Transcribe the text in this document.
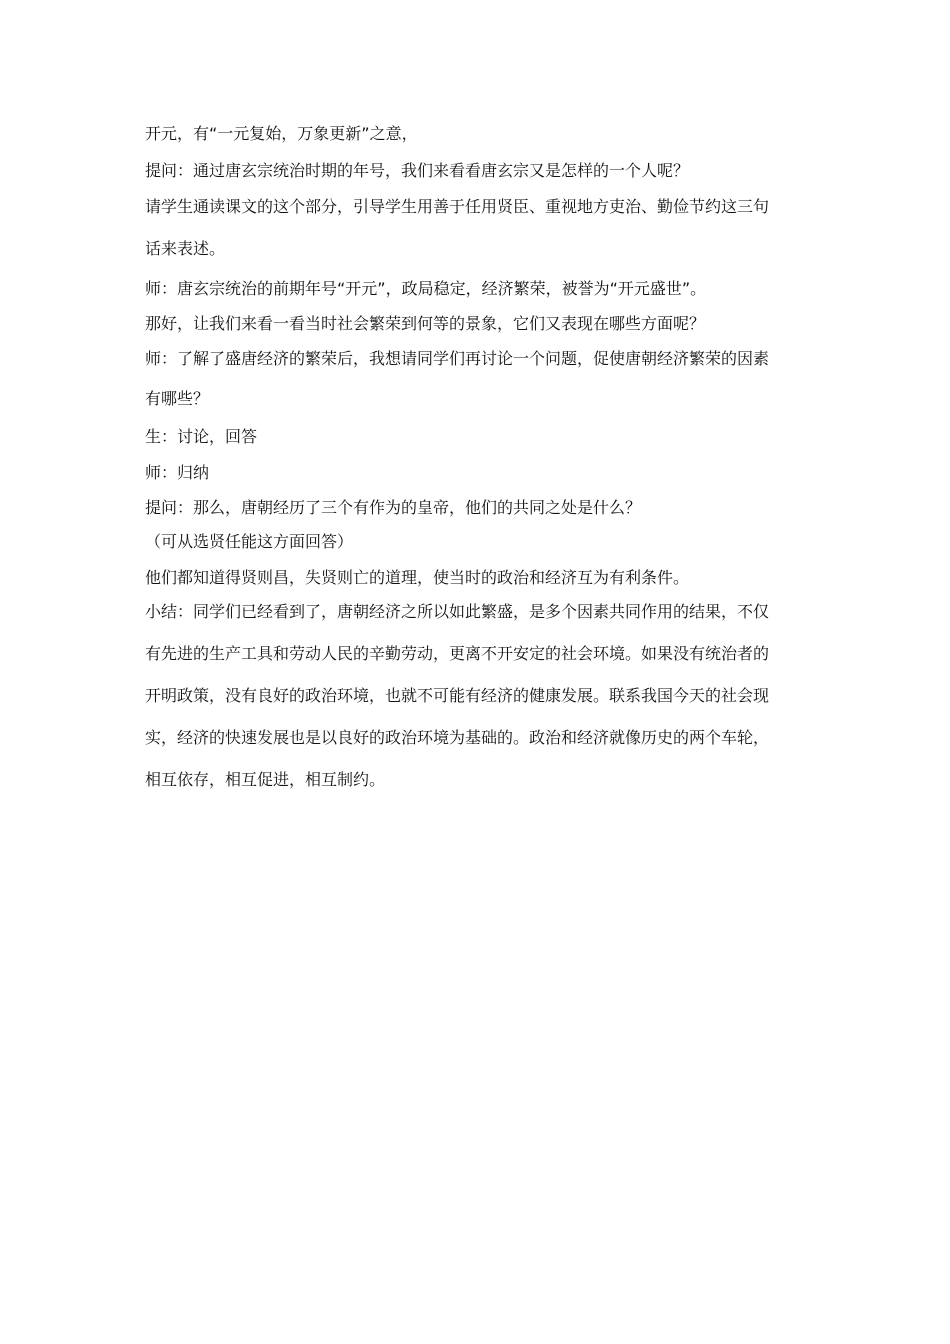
开元，有“一元复始，万象更新”之意，
提问：通过唐玄宗统治时期的年号，我们来看看唐玄宗又是怎样的一个人呢？
请学生通读课文的这个部分，引导学生用善于任用贤臣、重视地方吏治、勤俭节约这三句
话来表述。
师：唐玄宗统治的前期年号“开元”，政局稳定，经济繁荣，被誉为“开元盛世”。
那好，让我们来看一看当时社会繁荣到何等的景象，它们又表现在哪些方面呢？
师：了解了盛唐经济的繁荣后，我想请同学们再讨论一个问题，促使唐朝经济繁荣的因素
有哪些？
生：讨论，回答
师：归纳
提问：那么，唐朝经历了三个有作为的皇帝，他们的共同之处是什么？
（可从选贤任能这方面回答）
他们都知道得贤则昌，失贤则亡的道理，使当时的政治和经济互为有利条件。
小结：同学们已经看到了，唐朝经济之所以如此繁盛，是多个因素共同作用的结果，不仅
有先进的生产工具和劳动人民的辛勤劳动，更离不开安定的社会环境。如果没有统治者的
开明政策，没有良好的政治环境，也就不可能有经济的健康发展。联系我国今天的社会现
实，经济的快速发展也是以良好的政治环境为基础的。政治和经济就像历史的两个车轮，
相互依存，相互促进，相互制约。
